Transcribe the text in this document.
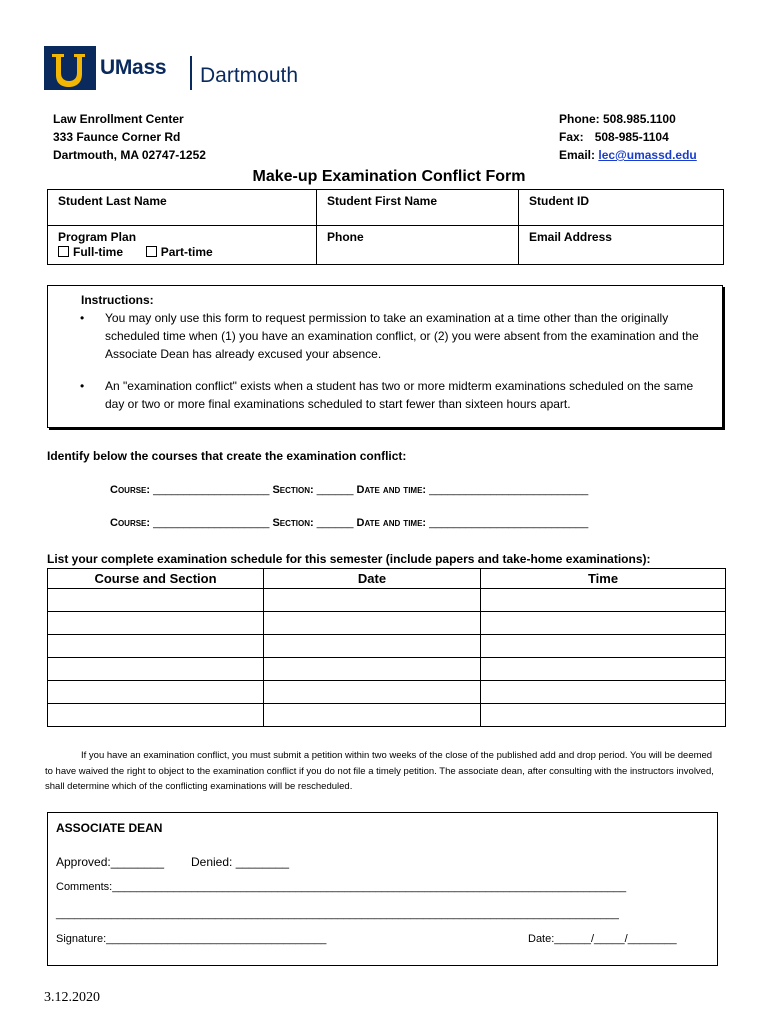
UMass Dartmouth
Law Enrollment Center
333 Faunce Corner Rd
Dartmouth, MA 02747-1252
Phone: 508.985.1100
Fax: 508-985-1104
Email: lec@umassd.edu
Make-up Examination Conflict Form
Student Last Name	Student First Name	Student ID

Program Plan
Full-time Part-time	Phone	Email Address
Instructions:
• You may only use this form to request permission to take an examination at a time other than the originally scheduled time when (1) you have an examination conflict, or (2) you were absent from the examination and the Associate Dean has already excused your absence.
• An "examination conflict" exists when a student has two or more midterm examinations scheduled on the same day or two or more final examinations scheduled to start fewer than sixteen hours apart.
Identify below the courses that create the examination conflict:
Course: ___________________ Section: ______ Date and time: __________________________
Course: ___________________ Section: ______ Date and time: __________________________
List your complete examination schedule for this semester (include papers and take-home examinations):
Course and Section	Date	Time

If you have an examination conflict, you must submit a petition within two weeks of the close of the published add and drop period. You will be deemed to have waived the right to object to the examination conflict if you do not file a timely petition. The associate dean, after consulting with the instructors involved, shall determine which of the conflicting examinations will be rescheduled.
ASSOCIATE DEAN
Approved:________ Denied: ________
Comments:____________________________________________________________________________________
____________________________________________________________________________________________
Signature:____________________________________	Date:______/_____/________
3.12.2020
